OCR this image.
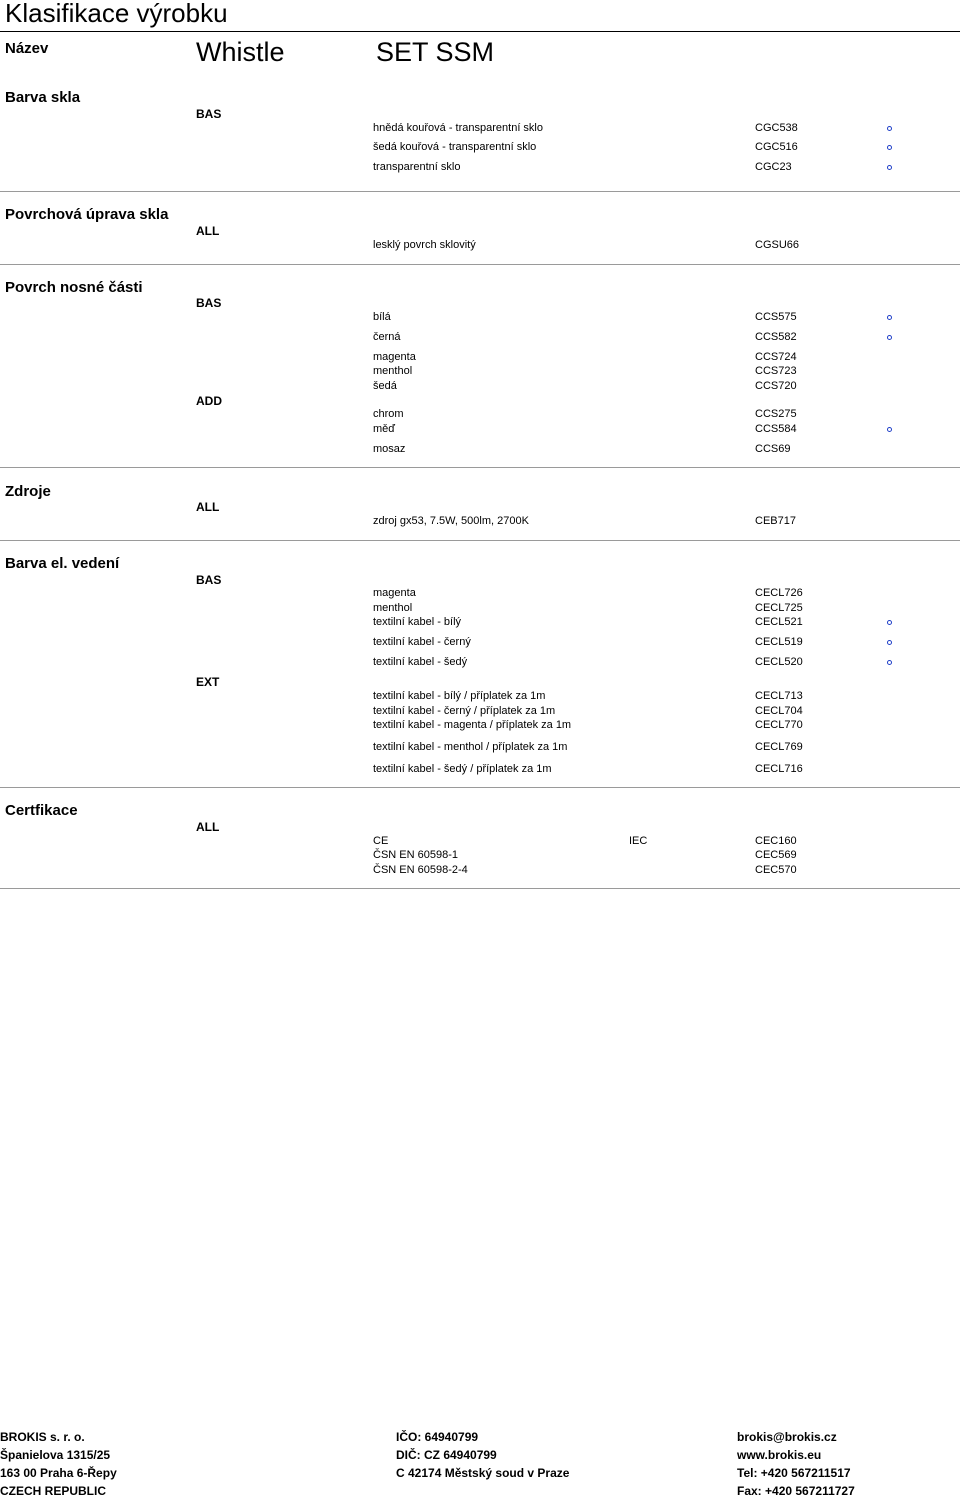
Klasifikace výrobku
Název	Whistle	SET SSM
Barva skla
BAS
hnědá kouřová - transparentní sklo	CGC538
šedá kouřová - transparentní sklo	CGC516
transparentní sklo	CGC23
Povrchová úprava skla
ALL
lesklý povrch sklovitý	CGSU66
Povrch nosné části
BAS
bílá	CCS575
černá	CCS582
ADD
magenta	CCS724
menthol	CCS723
šedá	CCS720
chrom	CCS275
měď	CCS584
mosaz	CCS69
Zdroje
ALL
zdroj gx53, 7.5W, 500lm, 2700K	CEB717
Barva el. vedení
BAS
magenta	CECL726
menthol	CECL725
textilní kabel - bílý	CECL521
textilní kabel - černý	CECL519
textilní kabel - šedý	CECL520
EXT
textilní kabel - bílý / příplatek za 1m	CECL713
textilní kabel - černý / příplatek za 1m	CECL704
textilní kabel - magenta / příplatek za 1m	CECL770
textilní kabel - menthol / příplatek za 1m	CECL769
textilní kabel - šedý / příplatek za 1m	CECL716
Certfikace
ALL
CE	IEC	CEC160
ČSN EN 60598-1	CEC569
ČSN EN 60598-2-4	CEC570
BROKIS s. r. o.
Španielova 1315/25
163 00 Praha 6-Řepy
CZECH REPUBLIC
IČO: 64940799
DIČ: CZ 64940799
C 42174 Městský soud v Praze
brokis@brokis.cz
www.brokis.eu
Tel: +420 567211517
Fax: +420 567211727
